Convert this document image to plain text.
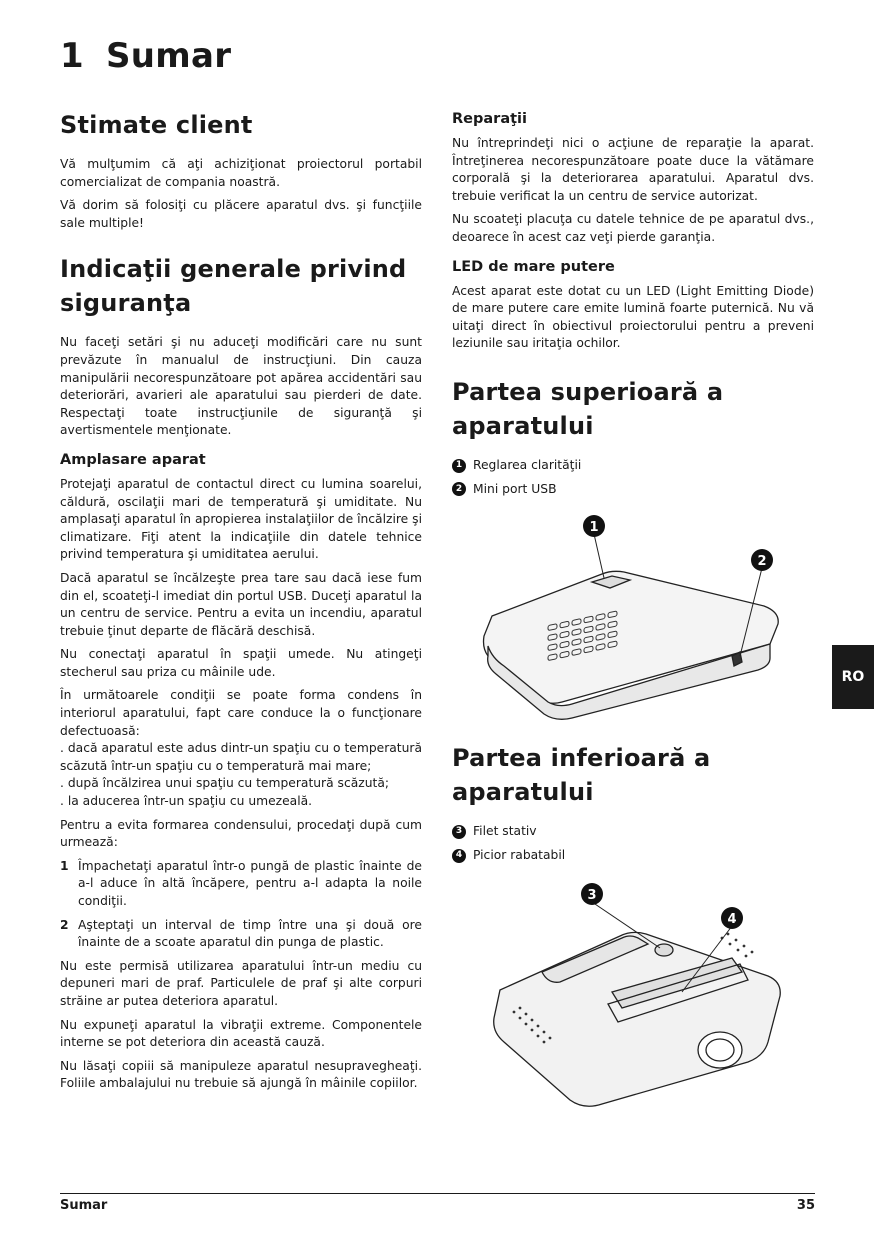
1 Sumar
Stimate client

Vă mulţumim că aţi achiziţionat proiectorul portabil comercializat de compania noastră.

Vă dorim să folosiţi cu plăcere aparatul dvs. şi funcţiile sale multiple!

Indicaţii generale privind siguranţa

Nu faceţi setări şi nu aduceţi modificări care nu sunt prevăzute în manualul de instrucţiuni. Din cauza manipulării necorespunzătoare pot apărea accidentări sau deteriorări, avarieri ale aparatului sau pierderi de date. Respectaţi toate instrucţiunile de siguranţă şi avertismentele menţionate.

Amplasare aparat

Protejaţi aparatul de contactul direct cu lumina soarelui, căldură, oscilaţii mari de temperatură şi umiditate. Nu amplasaţi aparatul în apropierea instalaţiilor de încălzire şi climatizare. Fiţi atent la indicaţiile din datele tehnice privind temperatura şi umiditatea aerului.

Dacă aparatul se încălzeşte prea tare sau dacă iese fum din el, scoateţi-l imediat din portul USB. Duceţi aparatul la un centru de service. Pentru a evita un incendiu, aparatul trebuie ţinut departe de flăcără deschisă.

Nu conectaţi aparatul în spaţii umede. Nu atingeţi stecherul sau priza cu mâinile ude.

În următoarele condiţii se poate forma condens în interiorul aparatului, fapt care conduce la o funcţionare defectuoasă:

. dacă aparatul este adus dintr-un spaţiu cu o temperatură scăzută într-un spaţiu cu o temperatură mai mare;

. după încălzirea unui spaţiu cu temperatură scăzută;

. la aducerea într-un spaţiu cu umezeală.

Pentru a evita formarea condensului, procedaţi după cum urmează:

1 Împachetaţi aparatul într-o pungă de plastic înainte de a-l aduce în altă încăpere, pentru a-l adapta la noile condiţii.
2 Aşteptaţi un interval de timp între una şi două ore înainte de a scoate aparatul din punga de plastic.

Nu este permisă utilizarea aparatului într-un mediu cu depuneri mari de praf. Particulele de praf şi alte corpuri străine ar putea deteriora aparatul.

Nu expuneţi aparatul la vibraţii extreme. Componentele interne se pot deteriora din această cauză.

Nu lăsaţi copiii să manipuleze aparatul nesupravegheaţi. Foliile ambalajului nu trebuie să ajungă în mâinile copiilor.

Reparaţii

Nu întreprindeţi nici o acţiune de reparaţie la aparat. Întreţinerea necorespunzătoare poate duce la vătămare corporală şi la deteriorarea aparatului. Aparatul dvs. trebuie verificat la un centru de service autorizat.

Nu scoateţi placuţa cu datele tehnice de pe aparatul dvs., deoarece în acest caz veţi pierde garanţia.

LED de mare putere

Acest aparat este dotat cu un LED (Light Emitting Diode) de mare putere care emite lumină foarte puternică. Nu vă uitaţi direct în obiectivul proiectorului pentru a preveni leziunile sau iritaţia ochilor.

Partea superioară a aparatului
1 Reglarea clarităţii
2 Mini port USB
1
2
Partea inferioară a aparatului
3 Filet stativ
4 Picior rabatabil
3
4
RO
Sumar	35
